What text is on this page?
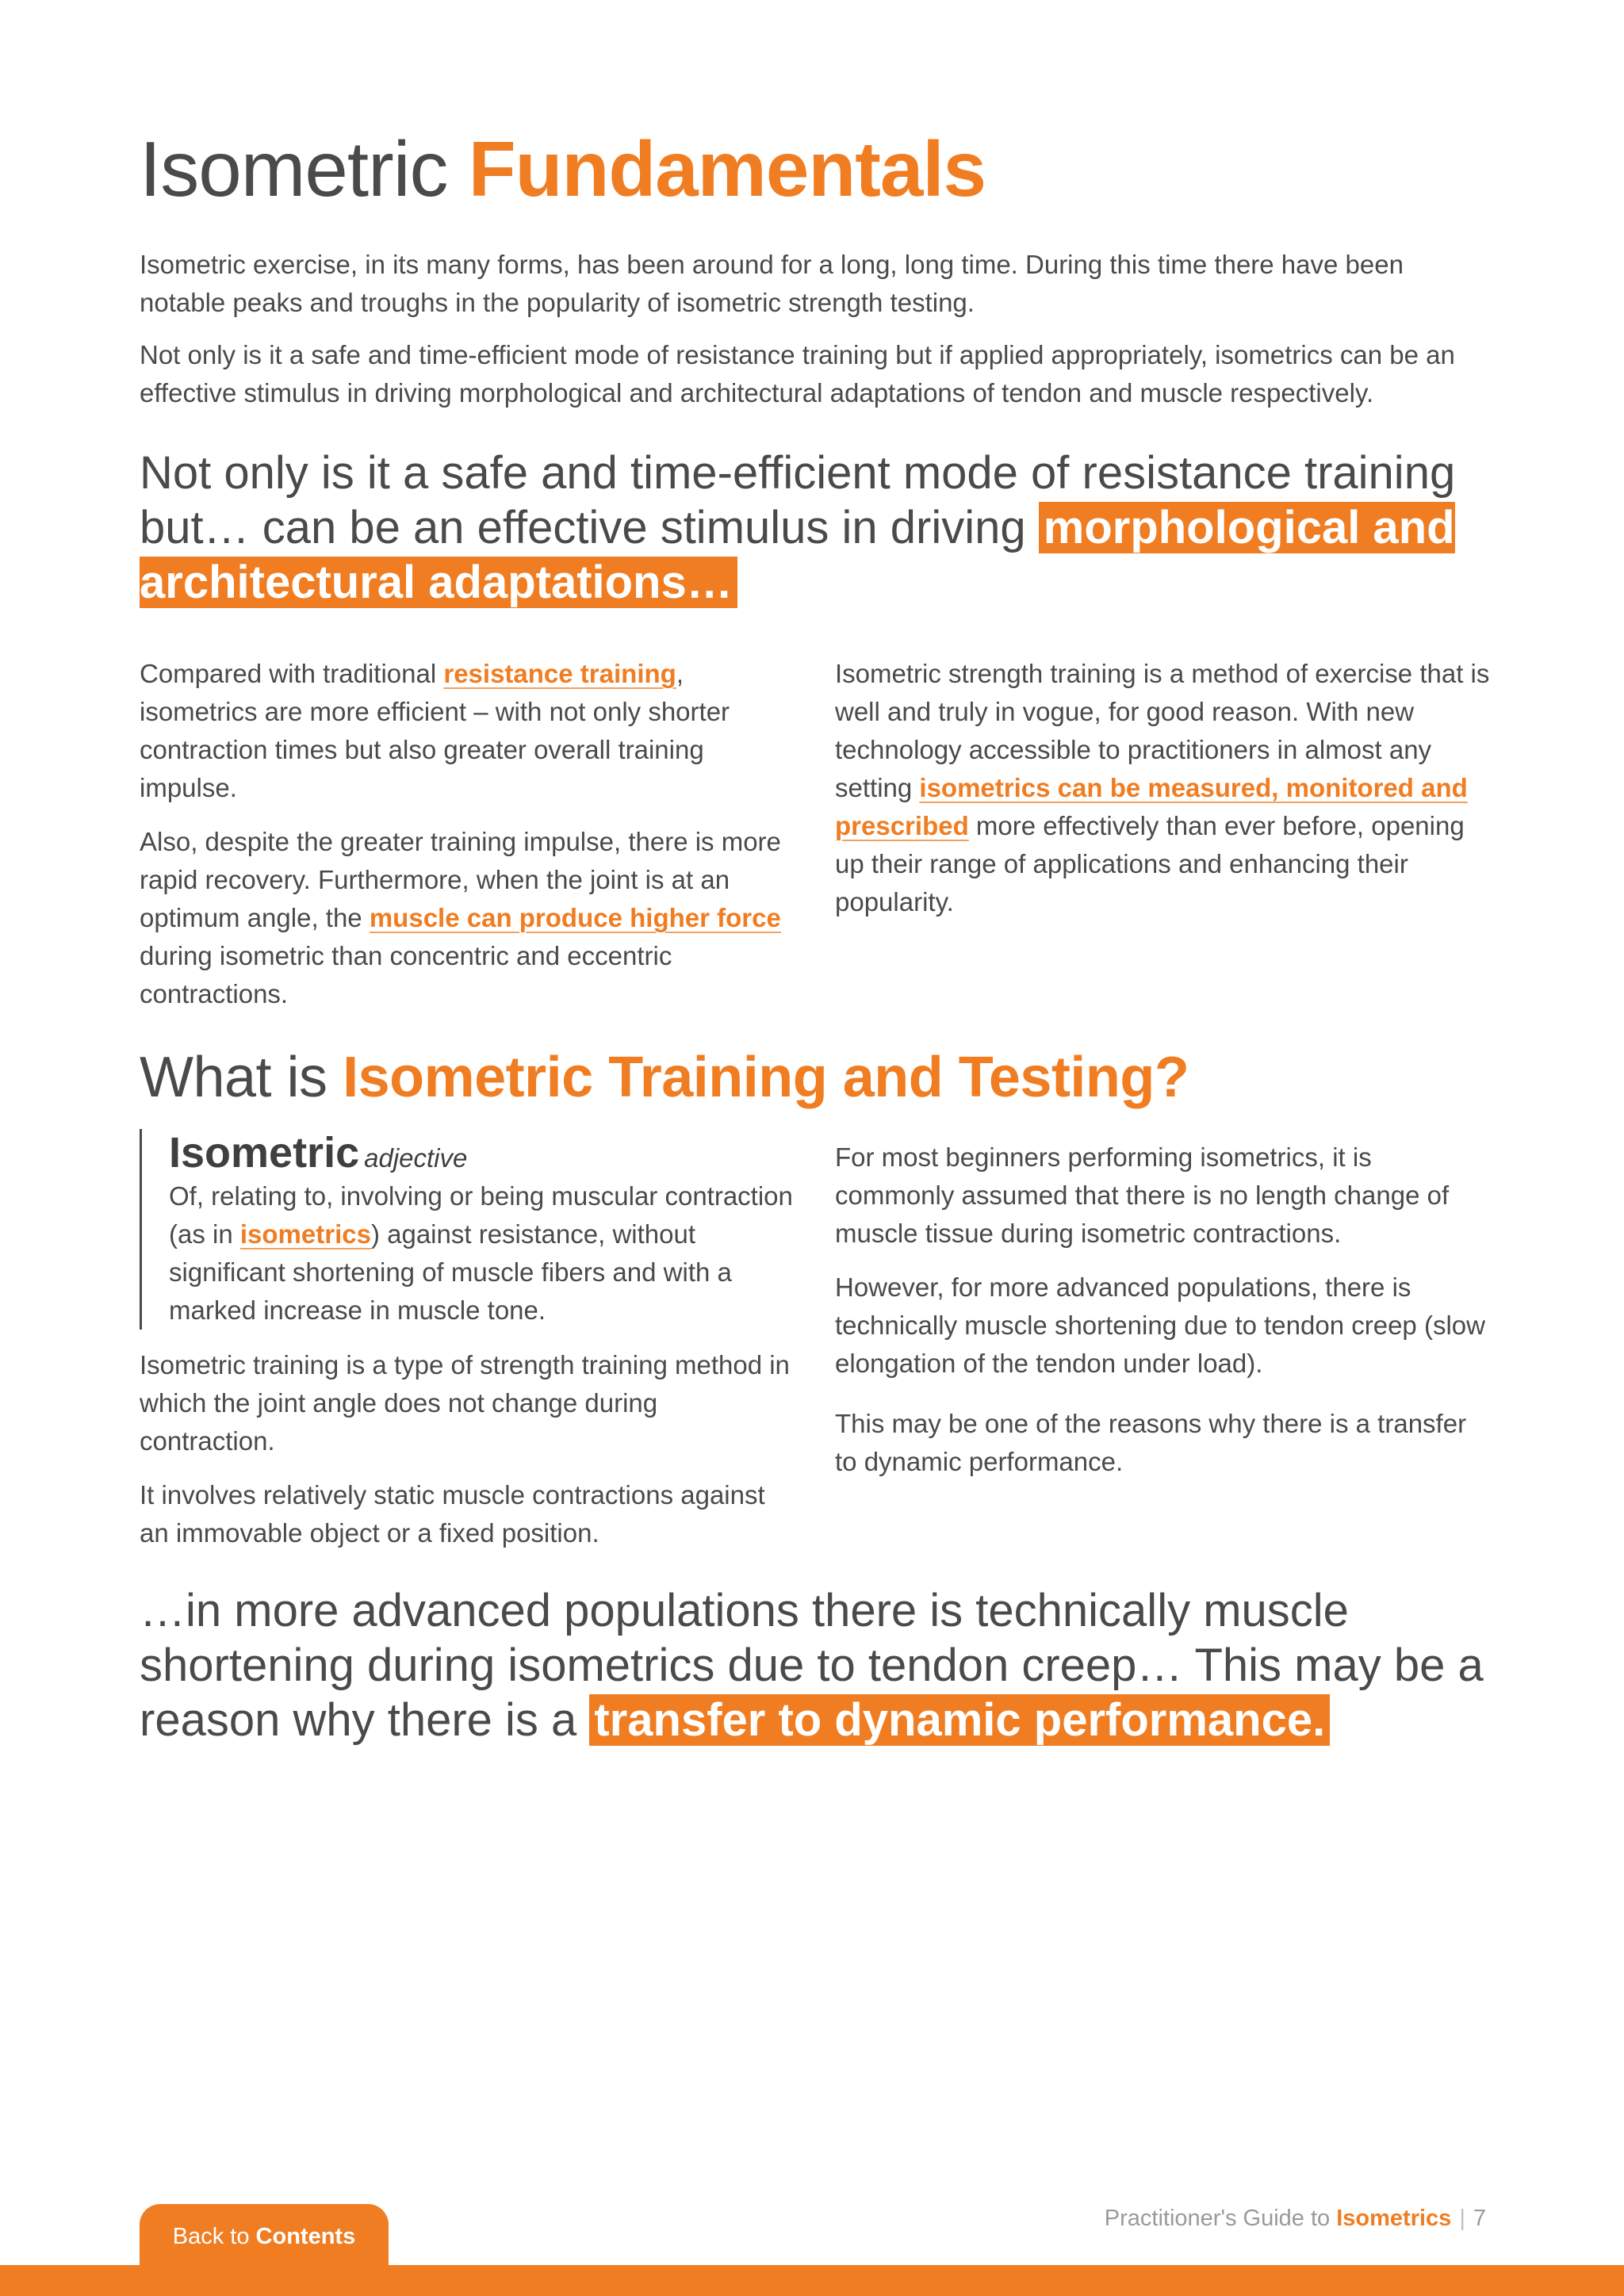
Isometric Fundamentals

Isometric exercise, in its many forms, has been around for a long, long time. During this time there have been notable peaks and troughs in the popularity of isometric strength testing.

Not only is it a safe and time-efficient mode of resistance training but if applied appropriately, isometrics can be an effective stimulus in driving morphological and architectural adaptations of tendon and muscle respectively.

Not only is it a safe and time-efficient mode of resistance training but… can be an effective stimulus in driving morphological and architectural adaptations…

Compared with traditional resistance training, isometrics are more efficient – with not only shorter contraction times but also greater overall training impulse.

Also, despite the greater training impulse, there is more rapid recovery. Furthermore, when the joint is at an optimum angle, the muscle can produce higher force during isometric than concentric and eccentric contractions.

Isometric strength training is a method of exercise that is well and truly in vogue, for good reason. With new technology accessible to practitioners in almost any setting isometrics can be measured, monitored and prescribed more effectively than ever before, opening up their range of applications and enhancing their popularity.

What is Isometric Training and Testing?
Isometric adjective
Of, relating to, involving or being muscular contraction (as in isometrics) against resistance, without significant shortening of muscle fibers and with a marked increase in muscle tone.

Isometric training is a type of strength training method in which the joint angle does not change during contraction.

It involves relatively static muscle contractions against an immovable object or a fixed position.

For most beginners performing isometrics, it is commonly assumed that there is no length change of muscle tissue during isometric contractions.

However, for more advanced populations, there is technically muscle shortening due to tendon creep (slow elongation of the tendon under load).

This may be one of the reasons why there is a transfer to dynamic performance.

…in more advanced populations there is technically muscle shortening during isometrics due to tendon creep… This may be a reason why there is a transfer to dynamic performance.

Back to Contents
Practitioner's Guide to Isometrics | 7
